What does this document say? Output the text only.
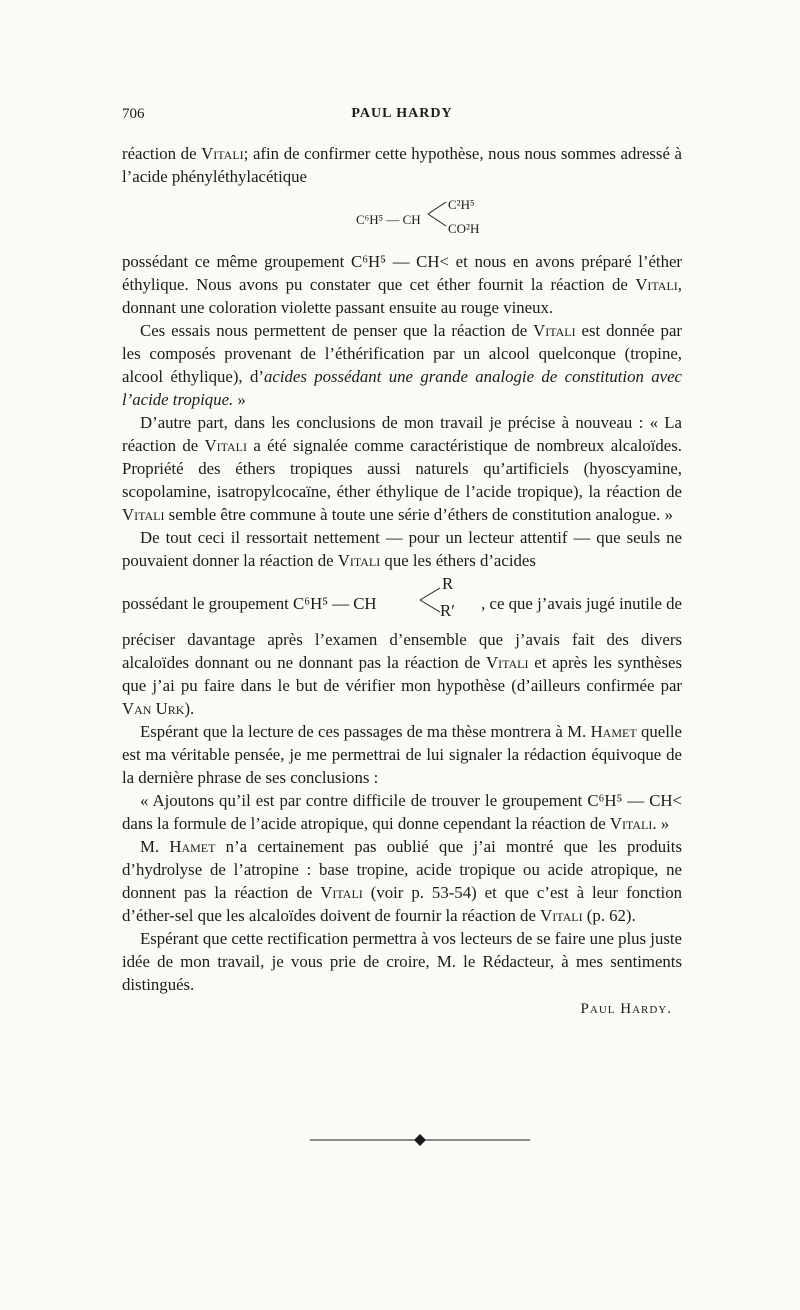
706	PAUL HARDY

réaction de Vitali; afin de confirmer cette hypothèse, nous nous sommes adressé à l’acide phényléthylacétique

C⁶H⁵ — CH
C²H⁵
CO²H

possédant ce même groupement C⁶H⁵ — CH< et nous en avons préparé l’éther éthylique. Nous avons pu constater que cet éther fournit la réaction de Vitali, donnant une coloration violette passant ensuite au rouge vineux.

Ces essais nous permettent de penser que la réaction de Vitali est donnée par les composés provenant de l’éthérification par un alcool quelconque (tropine, alcool éthylique), d’acides possédant une grande analogie de constitution avec l’acide tropique. »

D’autre part, dans les conclusions de mon travail je précise à nouveau : « La réaction de Vitali a été signalée comme caractéristique de nombreux alcaloïdes. Propriété des éthers tropiques aussi naturels qu’artificiels (hyoscyamine, scopolamine, isatropylcocaïne, éther éthylique de l’acide tropique), la réaction de Vitali semble être commune à toute une série d’éthers de constitution analogue. »

De tout ceci il ressortait nettement — pour un lecteur attentif — que seuls ne pouvaient donner la réaction de Vitali que les éthers d’acides

possédant le groupement C⁶H⁵ — CH
R
R′ , ce que j’avais jugé inutile de

préciser davantage après l’examen d’ensemble que j’avais fait des divers alcaloïdes donnant ou ne donnant pas la réaction de Vitali et après les synthèses que j’ai pu faire dans le but de vérifier mon hypothèse (d’ailleurs confirmée par Van Urk).

Espérant que la lecture de ces passages de ma thèse montrera à M. Hamet quelle est ma véritable pensée, je me permettrai de lui signaler la rédaction équivoque de la dernière phrase de ses conclusions :

« Ajoutons qu’il est par contre difficile de trouver le groupement C⁶H⁵ — CH< dans la formule de l’acide atropique, qui donne cependant la réaction de Vitali. »

M. Hamet n’a certainement pas oublié que j’ai montré que les produits d’hydrolyse de l’atropine : base tropine, acide tropique ou acide atropique, ne donnent pas la réaction de Vitali (voir p. 53-54) et que c’est à leur fonction d’éther-sel que les alcaloïdes doivent de fournir la réaction de Vitali (p. 62).

Espérant que cette rectification permettra à vos lecteurs de se faire une plus juste idée de mon travail, je vous prie de croire, M. le Rédacteur, à mes sentiments distingués.

Paul Hardy.
